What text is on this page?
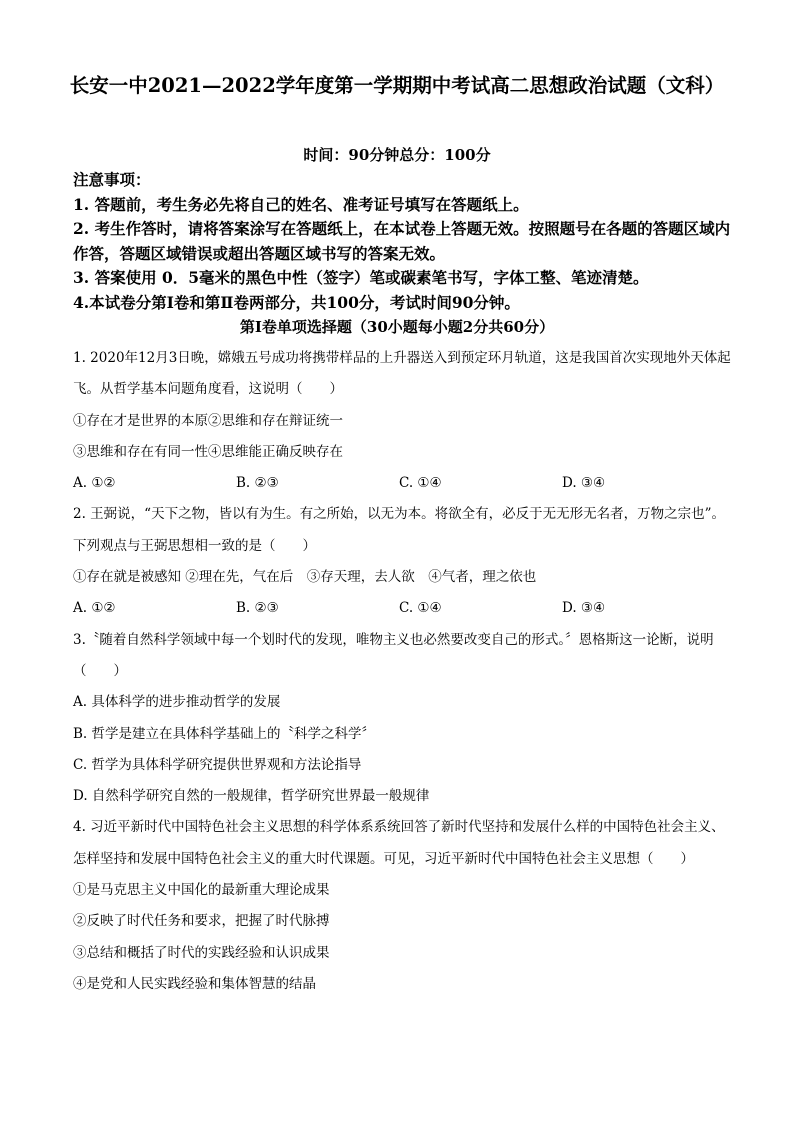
长安一中2021—2022学年度第一学期期中考试高二思想政治试题（文科）
时间：90分钟总分：100分

注意事项：

1. 答题前，考生务必先将自己的姓名、准考证号填写在答题纸上。

2. 考生作答时，请将答案涂写在答题纸上，在本试卷上答题无效。按照题号在各题的答题区域内作答，答题区域错误或超出答题区域书写的答案无效。

3. 答案使用 0．5毫米的黑色中性（签字）笔或碳素笔书写，字体工整、笔迹清楚。

4.本试卷分第Ⅰ卷和第Ⅱ卷两部分，共100分，考试时间90分钟。

第Ⅰ卷单项选择题（30小题每小题2分共60分）

1. 2020年12月3日晚，嫦娥五号成功将携带样品的上升器送入到预定环月轨道，这是我国首次实现地外天体起飞。从哲学基本问题角度看，这说明（　　）

①存在才是世界的本原②思维和存在辩证统一

③思维和存在有同一性④思维能正确反映存在

A. ①②	B. ②③	C. ①④	D. ③④

2. 王弼说，“天下之物，皆以有为生。有之所始，以无为本。将欲全有，必反于无无形无名者，万物之宗也”。下列观点与王弼思想相一致的是（　　）

①存在就是被感知 ②理在先，气在后　③存天理，去人欲　④气者，理之依也

A. ①②	B. ②③	C. ①④	D. ③④

3.〝随着自然科学领域中每一个划时代的发现，唯物主义也必然要改变自己的形式。〞恩格斯这一论断，说明（　　）

A. 具体科学的进步推动哲学的发展

B. 哲学是建立在具体科学基础上的〝科学之科学〞

C. 哲学为具体科学研究提供世界观和方法论指导

D. 自然科学研究自然的一般规律，哲学研究世界最一般规律

4. 习近平新时代中国特色社会主义思想的科学体系系统回答了新时代坚持和发展什么样的中国特色社会主义、怎样坚持和发展中国特色社会主义的重大时代课题。可见，习近平新时代中国特色社会主义思想（　　）

①是马克思主义中国化的最新重大理论成果

②反映了时代任务和要求，把握了时代脉搏

③总结和概括了时代的实践经验和认识成果

④是党和人民实践经验和集体智慧的结晶
